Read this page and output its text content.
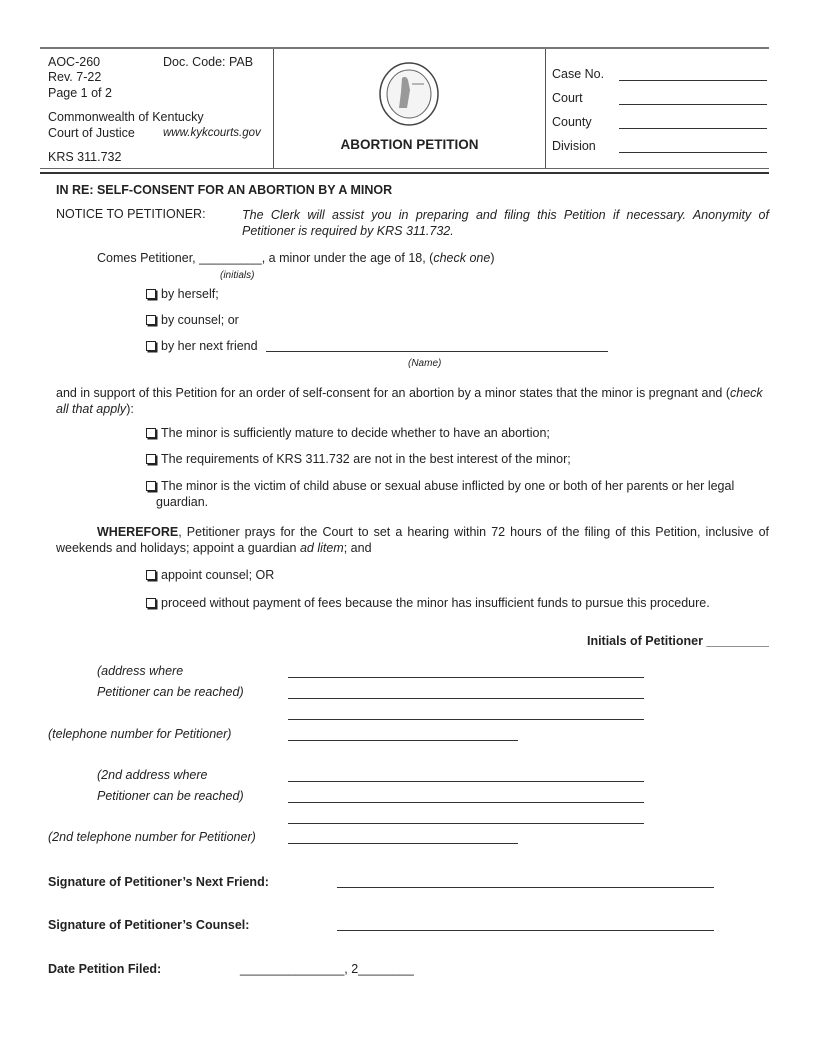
AOC-260	Doc. Code: PAB
Rev. 7-22
Page 1 of 2
Commonwealth of Kentucky
Court of Justice www.kykcourts.gov
KRS 311.732
ABORTION PETITION
Case No.
Court
County
Division
IN RE: SELF-CONSENT FOR AN ABORTION BY A MINOR
NOTICE TO PETITIONER:	The Clerk will assist you in preparing and filing this Petition if necessary. Anonymity of Petitioner is required by KRS 311.732.
Comes Petitioner, _________, a minor under the age of 18, (check one)
(initials)
by herself;
by counsel; or
by her next friend
(Name)
and in support of this Petition for an order of self-consent for an abortion by a minor states that the minor is pregnant and (check all that apply):
The minor is sufficiently mature to decide whether to have an abortion;
The requirements of KRS 311.732 are not in the best interest of the minor;
The minor is the victim of child abuse or sexual abuse inflicted by one or both of her parents or her legal guardian.
WHEREFORE, Petitioner prays for the Court to set a hearing within 72 hours of the filing of this Petition, inclusive of weekends and holidays; appoint a guardian ad litem; and
appoint counsel; OR
proceed without payment of fees because the minor has insufficient funds to pursue this procedure.
Initials of Petitioner _________
(address where
Petitioner can be reached)
(telephone number for Petitioner)
(2nd address where
Petitioner can be reached)
(2nd telephone number for Petitioner)
Signature of Petitioner’s Next Friend:
Signature of Petitioner’s Counsel:
Date Petition Filed:	_______________, 2________
